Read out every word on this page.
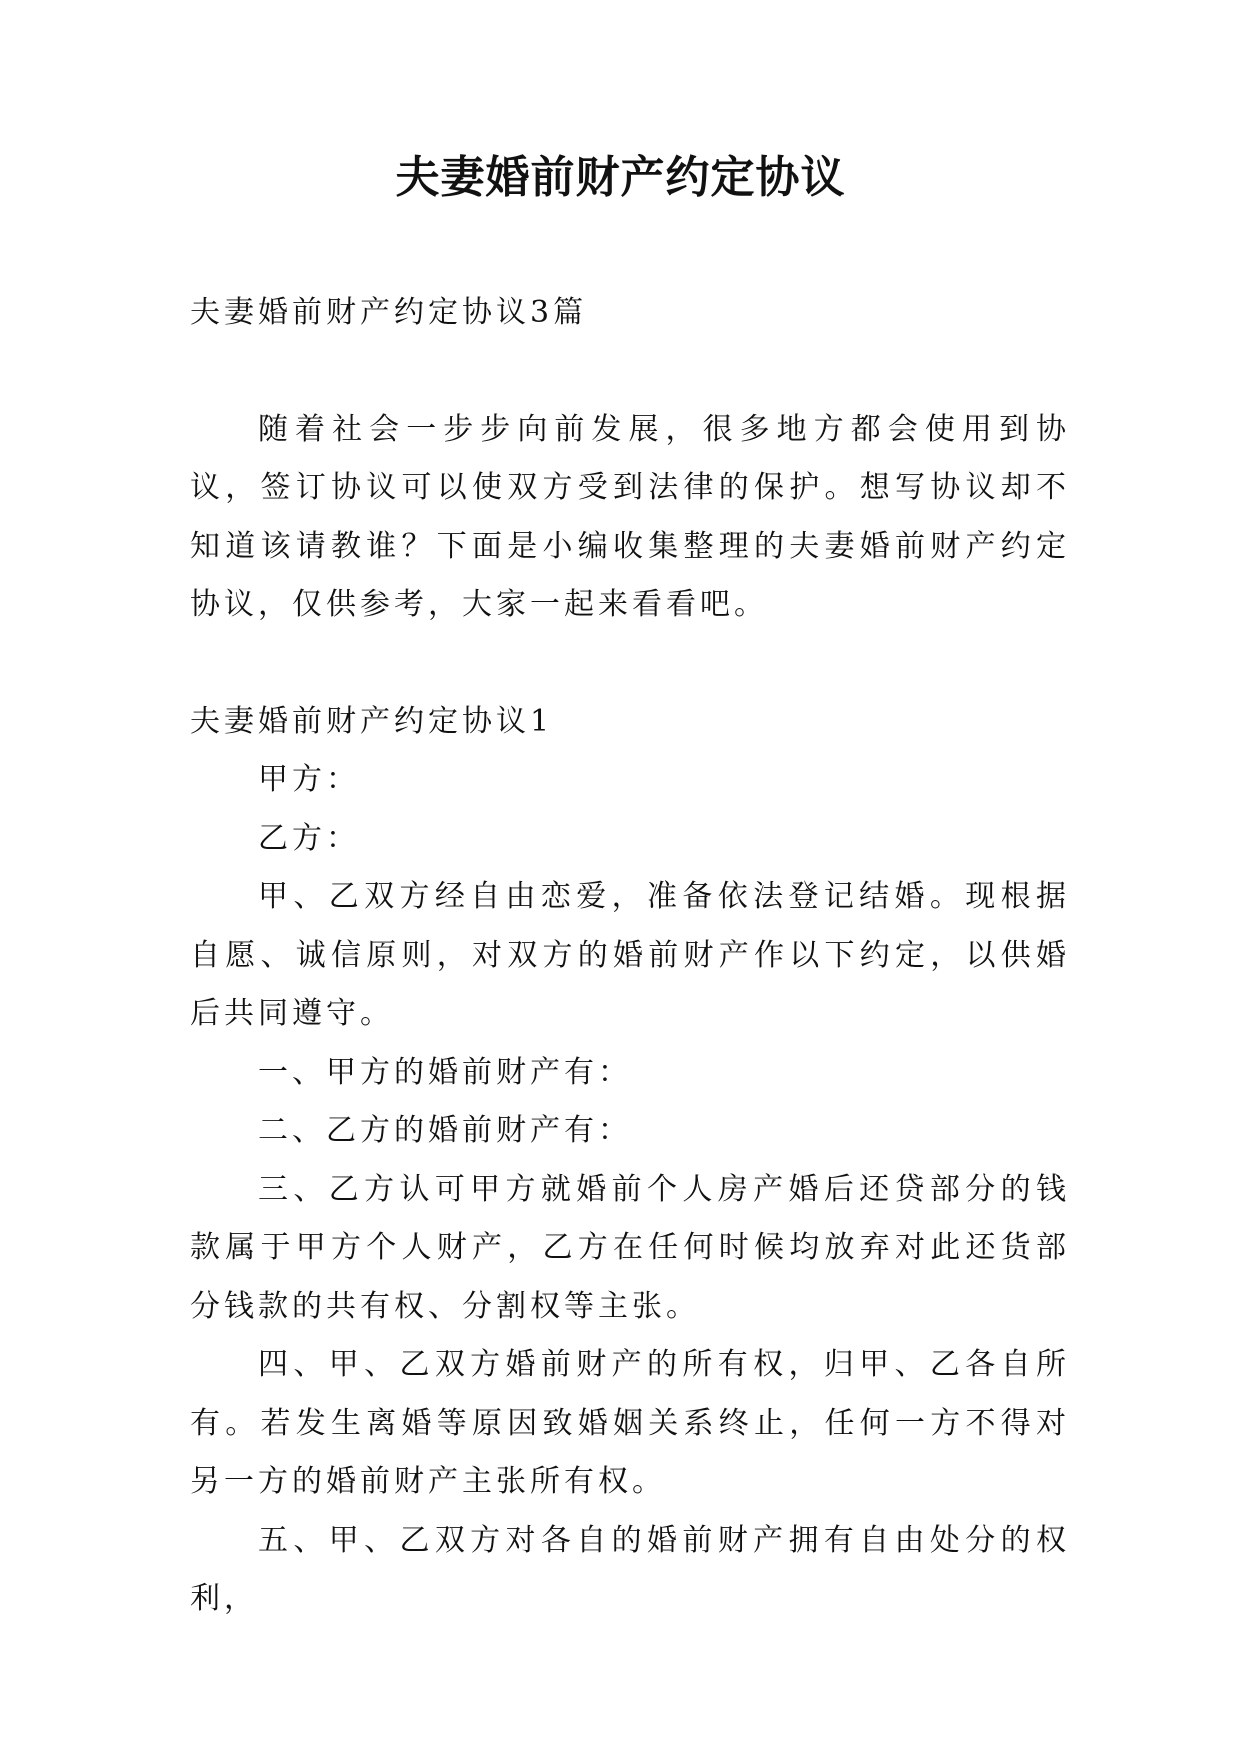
夫妻婚前财产约定协议

夫妻婚前财产约定协议3篇

随着社会一步步向前发展，很多地方都会使用到协议，签订协议可以使双方受到法律的保护。想写协议却不知道该请教谁？下面是小编收集整理的夫妻婚前财产约定协议，仅供参考，大家一起来看看吧。

夫妻婚前财产约定协议1

甲方：

乙方：

甲、乙双方经自由恋爱，准备依法登记结婚。现根据自愿、诚信原则，对双方的婚前财产作以下约定，以供婚后共同遵守。

一、甲方的婚前财产有：

二、乙方的婚前财产有：

三、乙方认可甲方就婚前个人房产婚后还贷部分的钱款属于甲方个人财产，乙方在任何时候均放弃对此还货部分钱款的共有权、分割权等主张。

四、甲、乙双方婚前财产的所有权，归甲、乙各自所有。若发生离婚等原因致婚姻关系终止，任何一方不得对另一方的婚前财产主张所有权。

五、甲、乙双方对各自的婚前财产拥有自由处分的权利，
